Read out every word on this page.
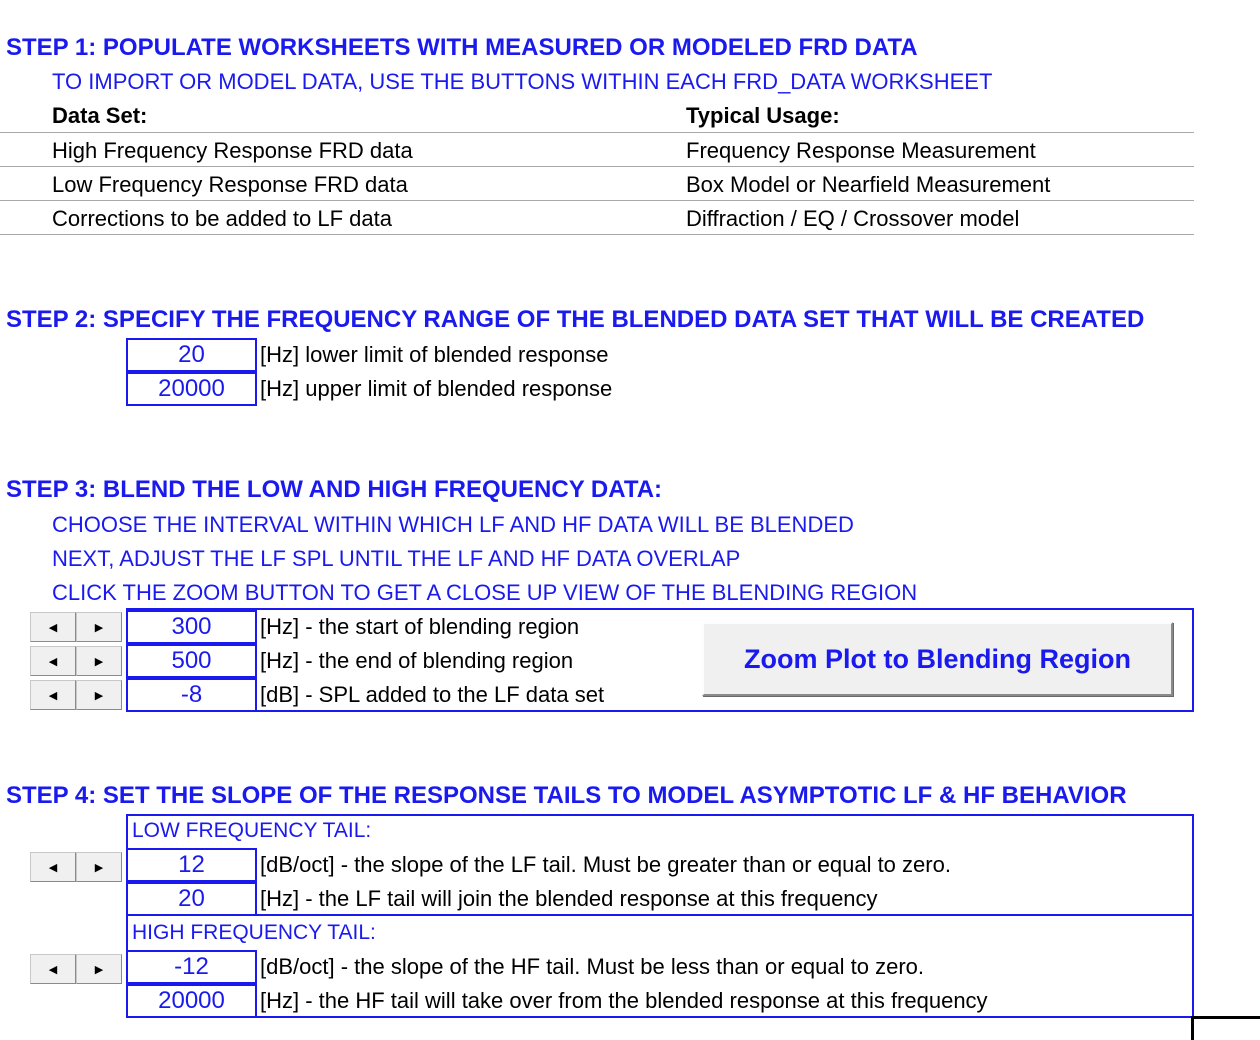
STEP 1: POPULATE WORKSHEETS WITH MEASURED OR MODELED FRD DATA
TO IMPORT OR MODEL DATA, USE THE BUTTONS WITHIN EACH FRD_DATA WORKSHEET
Data Set:	Typical Usage:
High Frequency Response FRD data	Frequency Response Measurement
Low Frequency Response FRD data	Box Model or Nearfield Measurement
Corrections to be added to LF data	Diffraction / EQ / Crossover model
STEP 2: SPECIFY THE FREQUENCY RANGE OF THE BLENDED DATA SET THAT WILL BE CREATED
20	[Hz] lower limit of blended response
20000	[Hz] upper limit of blended response
STEP 3: BLEND THE LOW AND HIGH FREQUENCY DATA:
CHOOSE THE INTERVAL WITHIN WHICH LF AND HF DATA WILL BE BLENDED
NEXT, ADJUST THE LF SPL UNTIL THE LF AND HF DATA OVERLAP
CLICK THE ZOOM BUTTON TO GET A CLOSE UP VIEW OF THE BLENDING REGION
◀	▶	300	[Hz] - the start of blending region
◀	▶	500	[Hz] - the end of blending region
◀	▶	-8	[dB] - SPL added to the LF data set
Zoom Plot to Blending Region
STEP 4: SET THE SLOPE OF THE RESPONSE TAILS TO MODEL ASYMPTOTIC LF & HF BEHAVIOR
LOW FREQUENCY TAIL:
◀	▶	12	[dB/oct] - the slope of the LF tail. Must be greater than or equal to zero.
20	[Hz] - the LF tail will join the blended response at this frequency
HIGH FREQUENCY TAIL:
◀	▶	-12	[dB/oct] - the slope of the HF tail. Must be less than or equal to zero.
20000	[Hz] - the HF tail will take over from the blended response at this frequency
